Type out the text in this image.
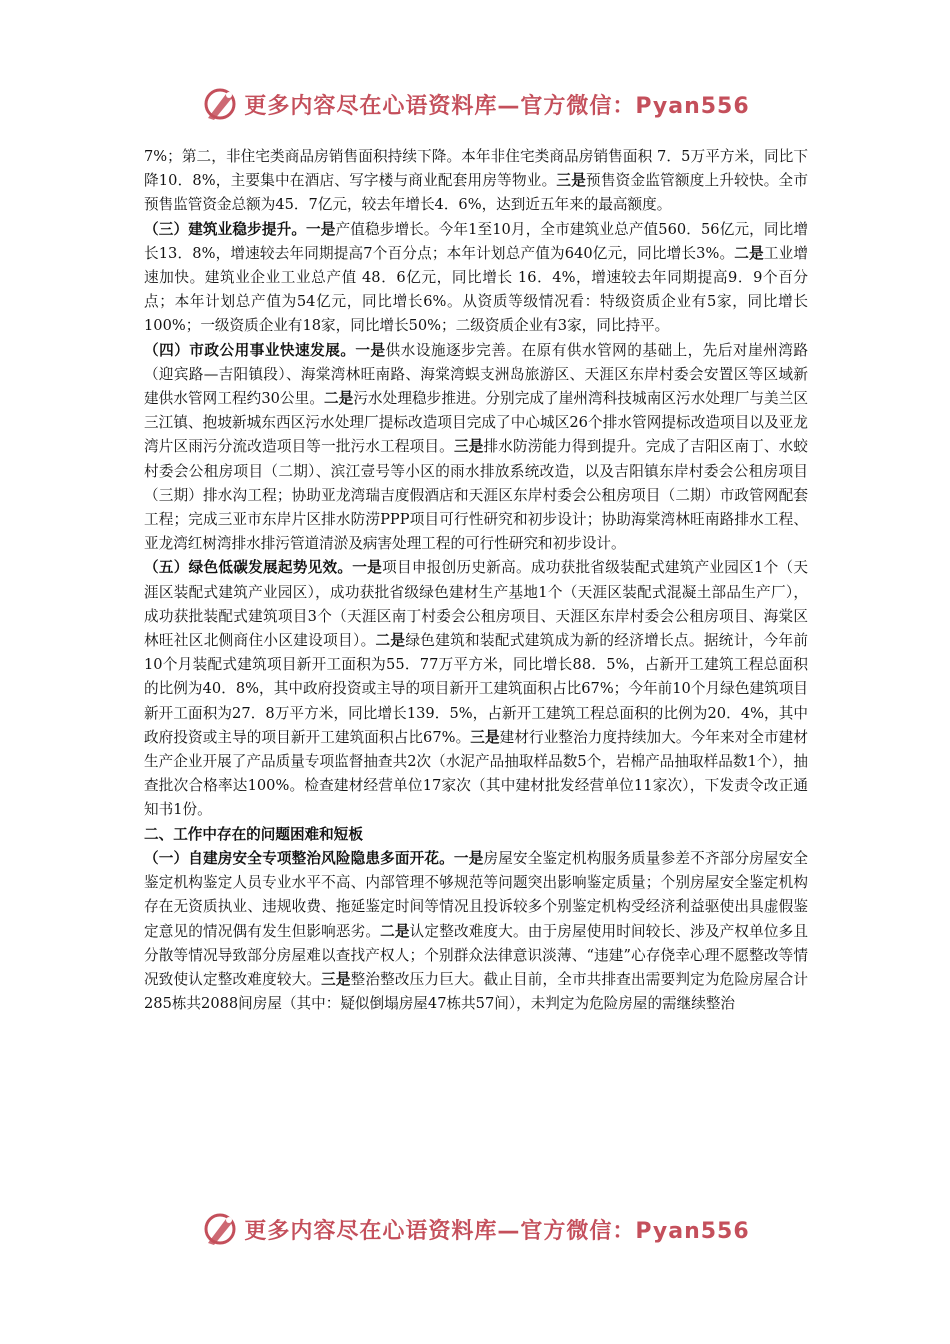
更多内容尽在心语资料库—官方微信：Pyan556

7%；第二，非住宅类商品房销售面积持续下降。本年非住宅类商品房销售面积 7．5万平方米，同比下降10．8%，主要集中在酒店、写字楼与商业配套用房等物业。三是预售资金监管额度上升较快。全市预售监管资金总额为45．7亿元，较去年增长4．6%，达到近五年来的最高额度。

（三）建筑业稳步提升。一是产值稳步增长。今年1至10月，全市建筑业总产值560．56亿元，同比增长13．8%，增速较去年同期提高7个百分点；本年计划总产值为640亿元，同比增长3%。二是工业增速加快。建筑业企业工业总产值 48．6亿元，同比增长 16．4%，增速较去年同期提高9．9个百分点；本年计划总产值为54亿元，同比增长6%。从资质等级情况看：特级资质企业有5家，同比增长100%；一级资质企业有18家，同比增长50%；二级资质企业有3家，同比持平。

（四）市政公用事业快速发展。一是供水设施逐步完善。在原有供水管网的基础上，先后对崖州湾路（迎宾路—吉阳镇段）、海棠湾林旺南路、海棠湾蜈支洲岛旅游区、天涯区东岸村委会安置区等区域新建供水管网工程约30公里。二是污水处理稳步推进。分别完成了崖州湾科技城南区污水处理厂与美兰区三江镇、抱坡新城东西区污水处理厂提标改造项目完成了中心城区26个排水管网提标改造项目以及亚龙湾片区雨污分流改造项目等一批污水工程项目。三是排水防涝能力得到提升。完成了吉阳区南丁、水蛟村委会公租房项目（二期）、滨江壹号等小区的雨水排放系统改造，以及吉阳镇东岸村委会公租房项目（三期）排水沟工程；协助亚龙湾瑞吉度假酒店和天涯区东岸村委会公租房项目（二期）市政管网配套工程；完成三亚市东岸片区排水防涝PPP项目可行性研究和初步设计；协助海棠湾林旺南路排水工程、亚龙湾红树湾排水排污管道清淤及病害处理工程的可行性研究和初步设计。

（五）绿色低碳发展起势见效。一是项目申报创历史新高。成功获批省级装配式建筑产业园区1个（天涯区装配式建筑产业园区），成功获批省级绿色建材生产基地1个（天涯区装配式混凝土部品生产厂），成功获批装配式建筑项目3个（天涯区南丁村委会公租房项目、天涯区东岸村委会公租房项目、海棠区林旺社区北侧商住小区建设项目）。二是绿色建筑和装配式建筑成为新的经济增长点。据统计，今年前10个月装配式建筑项目新开工面积为55．77万平方米，同比增长88．5%，占新开工建筑工程总面积的比例为40．8%，其中政府投资或主导的项目新开工建筑面积占比67%；今年前10个月绿色建筑项目新开工面积为27．8万平方米，同比增长139．5%，占新开工建筑工程总面积的比例为20．4%，其中政府投资或主导的项目新开工建筑面积占比67%。三是建材行业整治力度持续加大。今年来对全市建材生产企业开展了产品质量专项监督抽查共2次（水泥产品抽取样品数5个，岩棉产品抽取样品数1个），抽查批次合格率达100%。检查建材经营单位17家次（其中建材批发经营单位11家次），下发责令改正通知书1份。

二、工作中存在的问题困难和短板

（一）自建房安全专项整治风险隐患多面开花。一是房屋安全鉴定机构服务质量参差不齐部分房屋安全鉴定机构鉴定人员专业水平不高、内部管理不够规范等问题突出影响鉴定质量；个别房屋安全鉴定机构存在无资质执业、违规收费、拖延鉴定时间等情况且投诉较多个别鉴定机构受经济利益驱使出具虚假鉴定意见的情况偶有发生但影响恶劣。二是认定整改难度大。由于房屋使用时间较长、涉及产权单位多且分散等情况导致部分房屋难以查找产权人；个别群众法律意识淡薄、“违建”心存侥幸心理不愿整改等情况致使认定整改难度较大。三是整治整改压力巨大。截止目前，全市共排查出需要判定为危险房屋合计285栋共2088间房屋（其中：疑似倒塌房屋47栋共57间），未判定为危险房屋的需继续整治

更多内容尽在心语资料库—官方微信：Pyan556
